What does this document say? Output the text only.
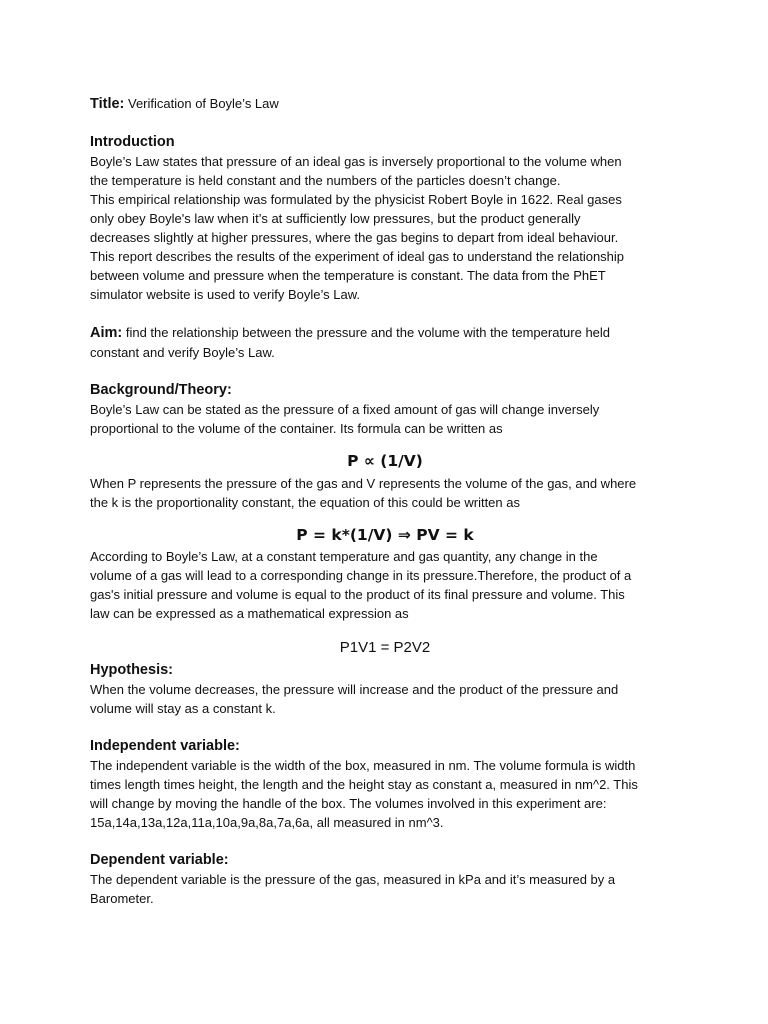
Title: Verification of Boyle’s Law

Introduction

Boyle’s Law states that pressure of an ideal gas is inversely proportional to the volume when

the temperature is held constant and the numbers of the particles doesn’t change.

This empirical relationship was formulated by the physicist Robert Boyle in 1622. Real gases

only obey Boyle's law when it’s at sufficiently low pressures, but the product generally

decreases slightly at higher pressures, where the gas begins to depart from ideal behaviour.

This report describes the results of the experiment of ideal gas to understand the relationship

between volume and pressure when the temperature is constant. The data from the PhET

simulator website is used to verify Boyle’s Law.

Aim: find the relationship between the pressure and the volume with the temperature held

constant and verify Boyle’s Law.

Background/Theory:

Boyle’s Law can be stated as the pressure of a fixed amount of gas will change inversely

proportional to the volume of the container. Its formula can be written as

P ∝ (1/V)

When P represents the pressure of the gas and V represents the volume of the gas, and where

the k is the proportionality constant, the equation of this could be written as

P = k*(1/V) ⇒ PV = k

According to Boyle’s Law, at a constant temperature and gas quantity, any change in the

volume of a gas will lead to a corresponding change in its pressure.Therefore, the product of a

gas's initial pressure and volume is equal to the product of its final pressure and volume. This

law can be expressed as a mathematical expression as

P1V1 = P2V2

Hypothesis:

When the volume decreases, the pressure will increase and the product of the pressure and

volume will stay as a constant k.

Independent variable:

The independent variable is the width of the box, measured in nm. The volume formula is width

times length times height, the length and the height stay as constant a, measured in nm^2. This

will change by moving the handle of the box. The volumes involved in this experiment are:

15a,14a,13a,12a,11a,10a,9a,8a,7a,6a, all measured in nm^3.

Dependent variable:

The dependent variable is the pressure of the gas, measured in kPa and it’s measured by a

Barometer.
